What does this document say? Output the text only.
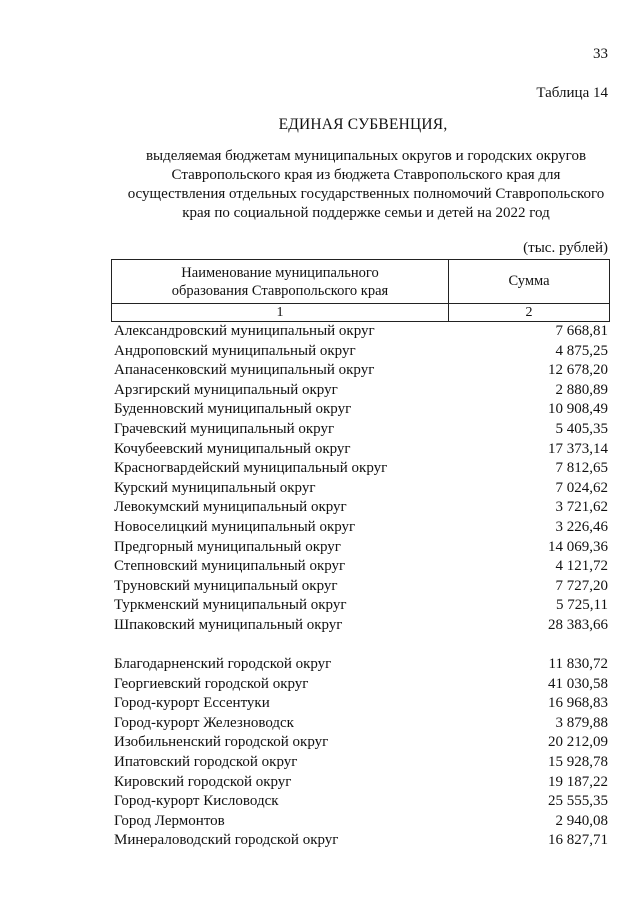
33
Таблица 14
ЕДИНАЯ СУБВЕНЦИЯ,
выделяемая бюджетам муниципальных округов и городских округов
Ставропольского края из бюджета Ставропольского края для
осуществления отдельных государственных полномочий Ставропольского
края по социальной поддержке семьи и детей на 2022 год
(тыс. рублей)
Наименование муниципального
образования Ставропольского края	Сумма
1	2
Александровский муниципальный округ	7 668,81
Андроповский муниципальный округ	4 875,25
Апанасенковский муниципальный округ	12 678,20
Арзгирский муниципальный округ	2 880,89
Буденновский муниципальный округ	10 908,49
Грачевский муниципальный округ	5 405,35
Кочубеевский муниципальный округ	17 373,14
Красногвардейский муниципальный округ	7 812,65
Курский муниципальный округ	7 024,62
Левокумский муниципальный округ	3 721,62
Новоселицкий муниципальный округ	3 226,46
Предгорный муниципальный округ	14 069,36
Степновский муниципальный округ	4 121,72
Труновский муниципальный округ	7 727,20
Туркменский муниципальный округ	5 725,11
Шпаковский муниципальный округ	28 383,66
Благодарненский городской округ	11 830,72
Георгиевский городской округ	41 030,58
Город-курорт Ессентуки	16 968,83
Город-курорт Железноводск	3 879,88
Изобильненский городской округ	20 212,09
Ипатовский городской округ	15 928,78
Кировский городской округ	19 187,22
Город-курорт Кисловодск	25 555,35
Город Лермонтов	2 940,08
Минераловодский городской округ	16 827,71
